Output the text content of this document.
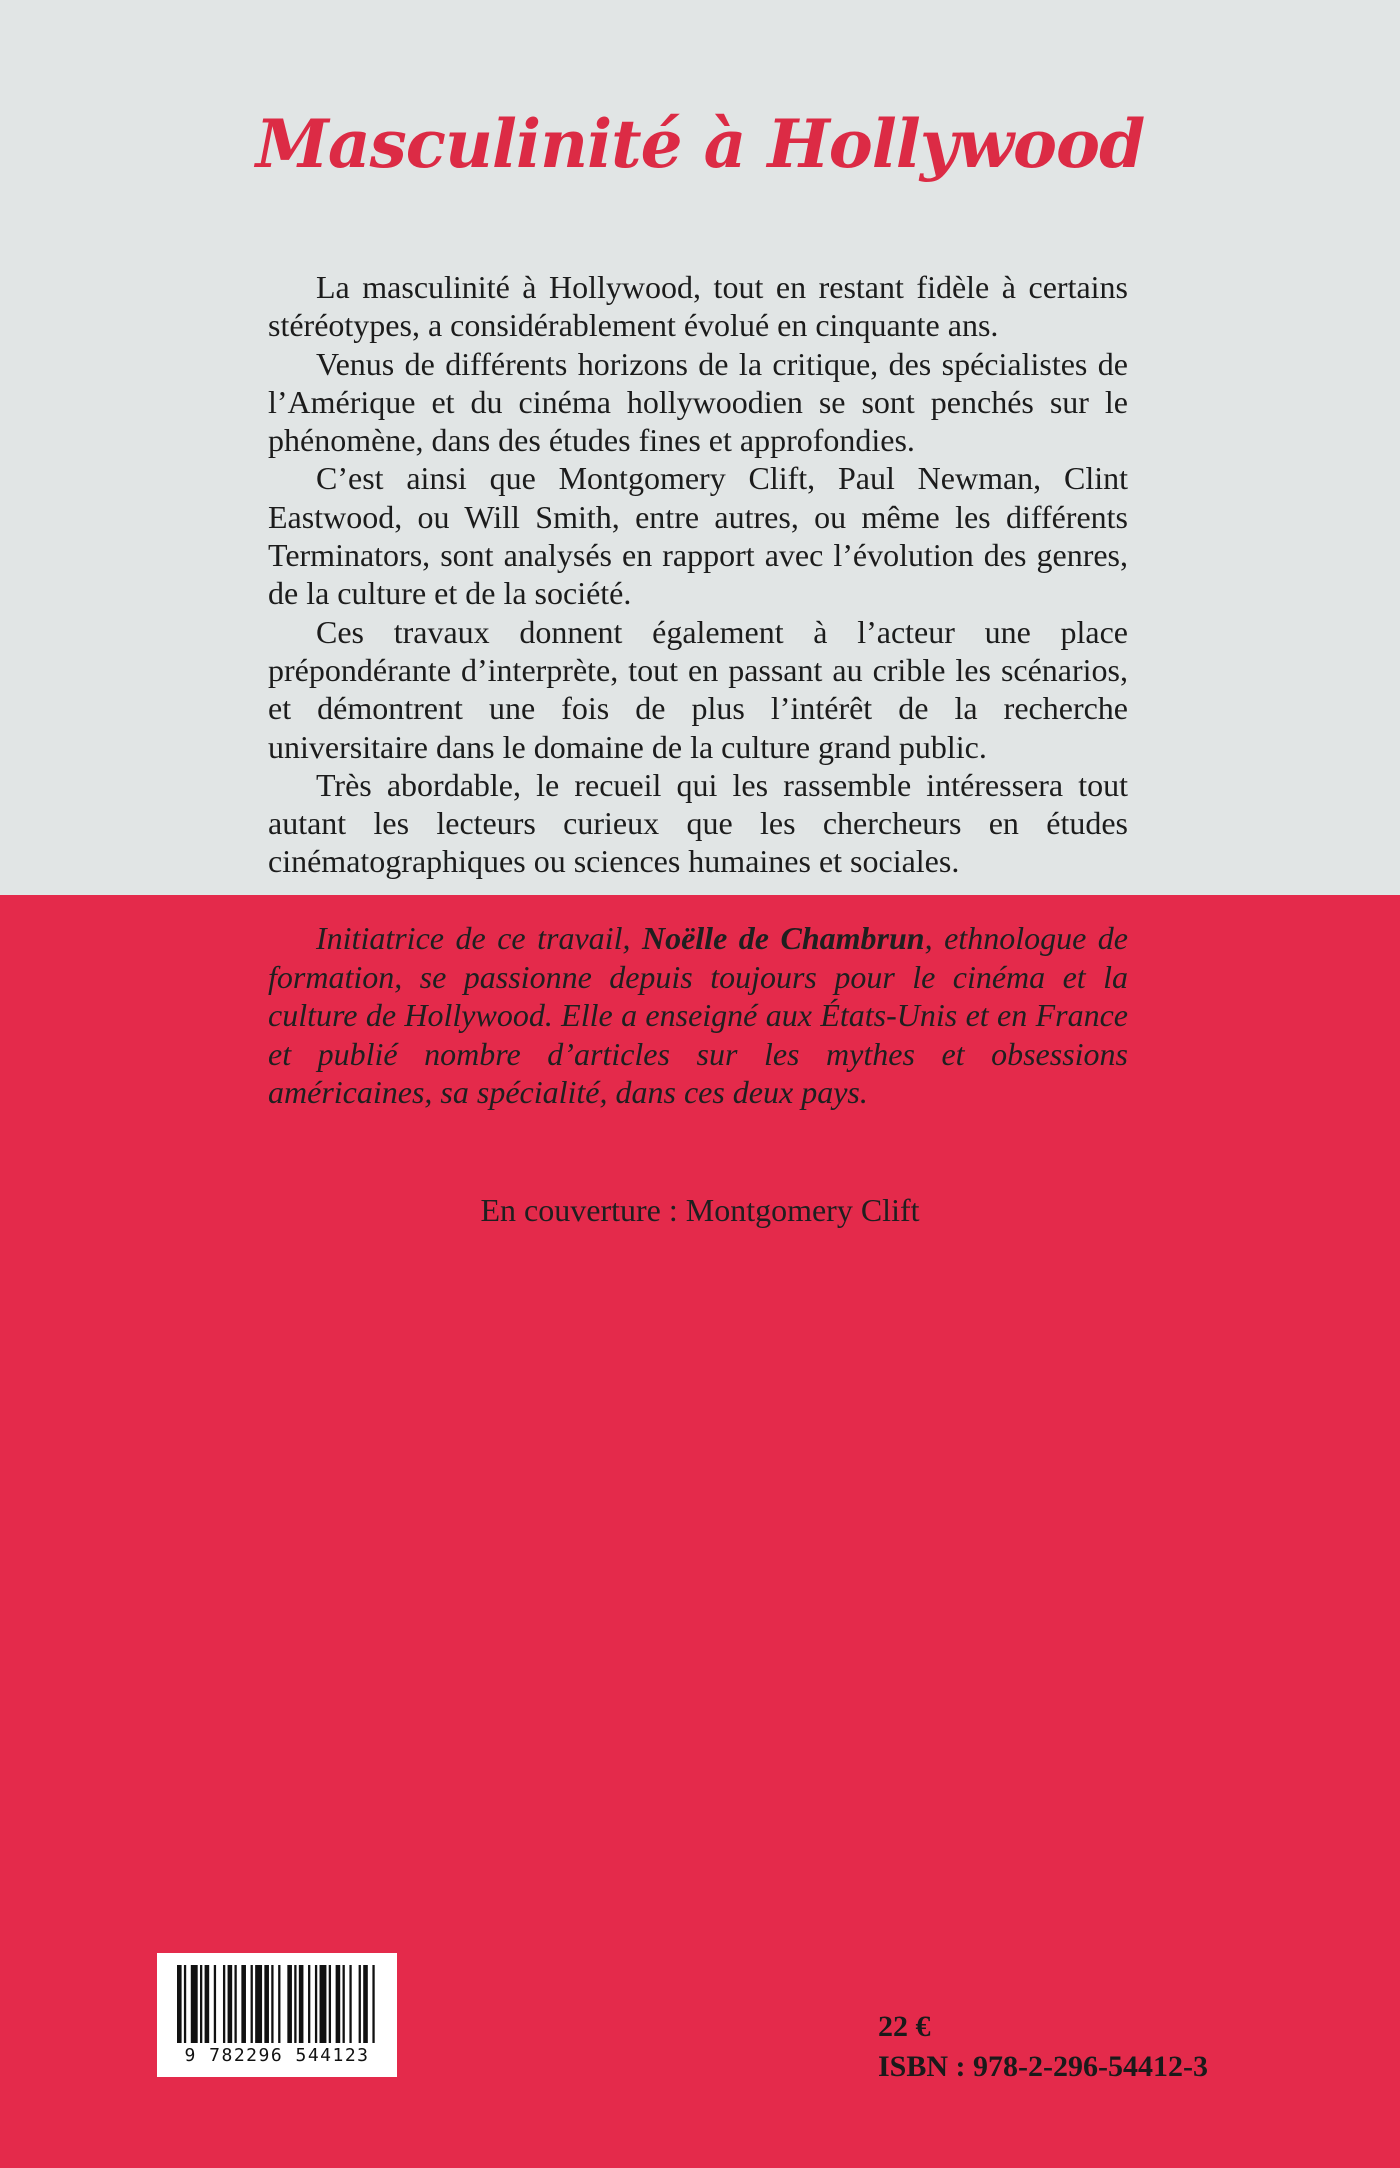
Masculinité à Hollywood

La masculinité à Hollywood, tout en restant fidèle à certains stéréotypes, a considérablement évolué en cinquante ans.

Venus de différents horizons de la critique, des spécialistes de l’Amérique et du cinéma hollywoodien se sont penchés sur le phénomène, dans des études fines et approfondies.

C’est ainsi que Montgomery Clift, Paul Newman, Clint Eastwood, ou Will Smith, entre autres, ou même les différents Terminators, sont analysés en rapport avec l’évolution des genres, de la culture et de la société.

Ces travaux donnent également à l’acteur une place prépondérante d’interprète, tout en passant au crible les scénarios, et démontrent une fois de plus l’intérêt de la recherche universitaire dans le domaine de la culture grand public.

Très abordable, le recueil qui les rassemble intéressera tout autant les lecteurs curieux que les chercheurs en études cinématographiques ou sciences humaines et sociales.

Initiatrice de ce travail, Noëlle de Chambrun, ethnologue de formation, se passionne depuis toujours pour le cinéma et la culture de Hollywood. Elle a enseigné aux États-Unis et en France et publié nombre d’articles sur les mythes et obsessions américaines, sa spécialité, dans ces deux pays.

En couverture : Montgomery Clift
9 782296 544123
22 €
ISBN : 978-2-296-54412-3
